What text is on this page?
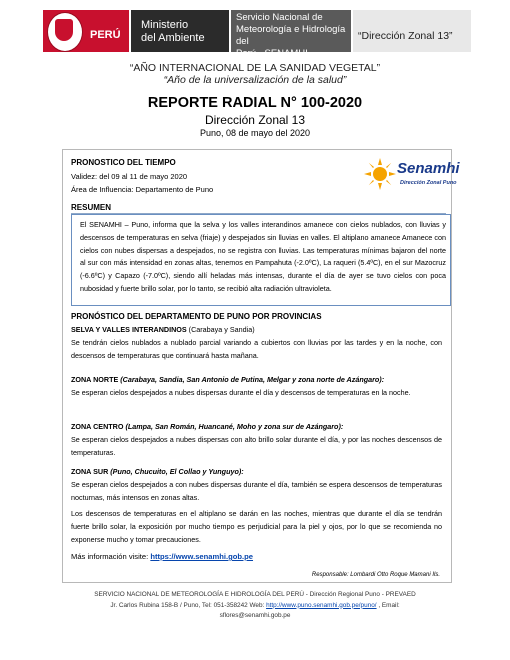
PERÚ
Ministerio
del Ambiente
Servicio Nacional de
Meteorología e Hidrología del
Perú - SENAMHI
“Dirección Zonal 13”
“AÑO INTERNACIONAL DE LA SANIDAD VEGETAL”
“Año de la universalización de la salud”
REPORTE RADIAL N° 100-2020
Dirección Zonal 13
Puno, 08 de mayo del 2020
PRONOSTICO DEL TIEMPO
Validez: del 09 al 11 de mayo 2020
Área de Influencia: Departamento de Puno
Senamhi
Dirección Zonal Puno
RESUMEN
El SENAMHI – Puno, informa que la selva y los valles interandinos amanece con cielos nublados, con lluvias y descensos de temperaturas en selva (friaje) y despejados sin lluvias en valles. El altiplano amanece Amanece con cielos con nubes dispersas a despejados, no se registra con lluvias. Las temperaturas mínimas bajaron del norte al sur con más intensidad en zonas altas, tenemos en Pampahuta (-2.0ºC), La raqueri (5.4ºC), en el sur Mazocruz (-6.6ºC) y Capazo (-7.0ºC), siendo allí heladas más intensas, durante el día de ayer se tuvo cielos con poca nubosidad y fuerte brillo solar, por lo tanto, se recibió alta radiación ultravioleta.
PRONÓSTICO DEL DEPARTAMENTO DE PUNO POR PROVINCIAS
SELVA Y VALLES INTERANDINOS (Carabaya y Sandia)
Se tendrán cielos nublados a nublado parcial variando a cubiertos con lluvias por las tardes y en la noche, con descensos de temperaturas que continuará hasta mañana.
ZONA NORTE (Carabaya, Sandia, San Antonio de Putina, Melgar y zona norte de Azángaro):
Se esperan cielos despejados a nubes dispersas durante el día y descensos de temperaturas en la noche.
ZONA CENTRO (Lampa, San Román, Huancané, Moho y zona sur de Azángaro):
Se esperan cielos despejados a nubes dispersas con alto brillo solar durante el día, y por las noches descensos de temperaturas.
ZONA SUR (Puno, Chucuito, El Collao y Yunguyo):
Se esperan cielos despejados a con nubes dispersas durante el día, también se espera descensos de temperaturas nocturnas, más intensos en zonas altas.
Los descensos de temperaturas en el altiplano se darán en las noches, mientras que durante el día se tendrán fuerte brillo solar, la exposición por mucho tiempo es perjudicial para la piel y ojos, por lo que se recomienda no exponerse mucho y tomar precauciones.
Más información visite: https://www.senamhi.gob.pe
Responsable: Lombardi Otto Roque Mamani Ils.
SERVICIO NACIONAL DE METEOROLOGÍA E HIDROLOGÍA DEL PERÚ - Dirección Regional Puno - PREVAED
Jr. Carlos Rubina 158-B / Puno, Tel: 051-358242 Web: http://www.puno.senamhi.gob.pe/puno/ , Email:
sflores@senamhi.gob.pe
